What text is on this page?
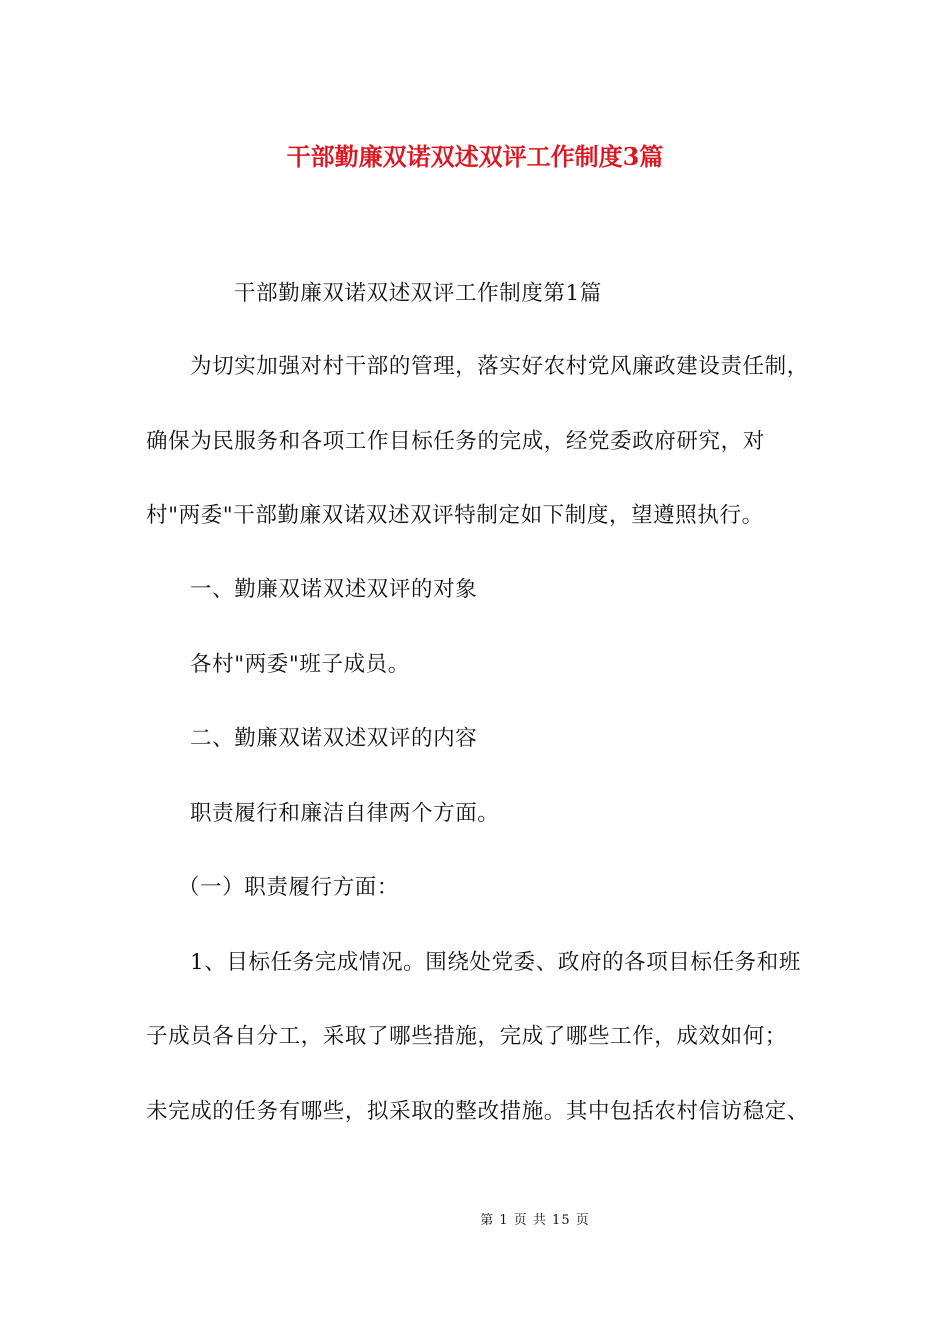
干部勤廉双诺双述双评工作制度3篇
干部勤廉双诺双述双评工作制度第1篇
为切实加强对村干部的管理，落实好农村党风廉政建设责任制，
确保为民服务和各项工作目标任务的完成，经党委政府研究，对
村"两委"干部勤廉双诺双述双评特制定如下制度，望遵照执行。
一、勤廉双诺双述双评的对象
各村"两委"班子成员。
二、勤廉双诺双述双评的内容
职责履行和廉洁自律两个方面。
（一）职责履行方面：
1、目标任务完成情况。围绕处党委、政府的各项目标任务和班
子成员各自分工，采取了哪些措施，完成了哪些工作，成效如何；
未完成的任务有哪些，拟采取的整改措施。其中包括农村信访稳定、
第 1 页 共 15 页
